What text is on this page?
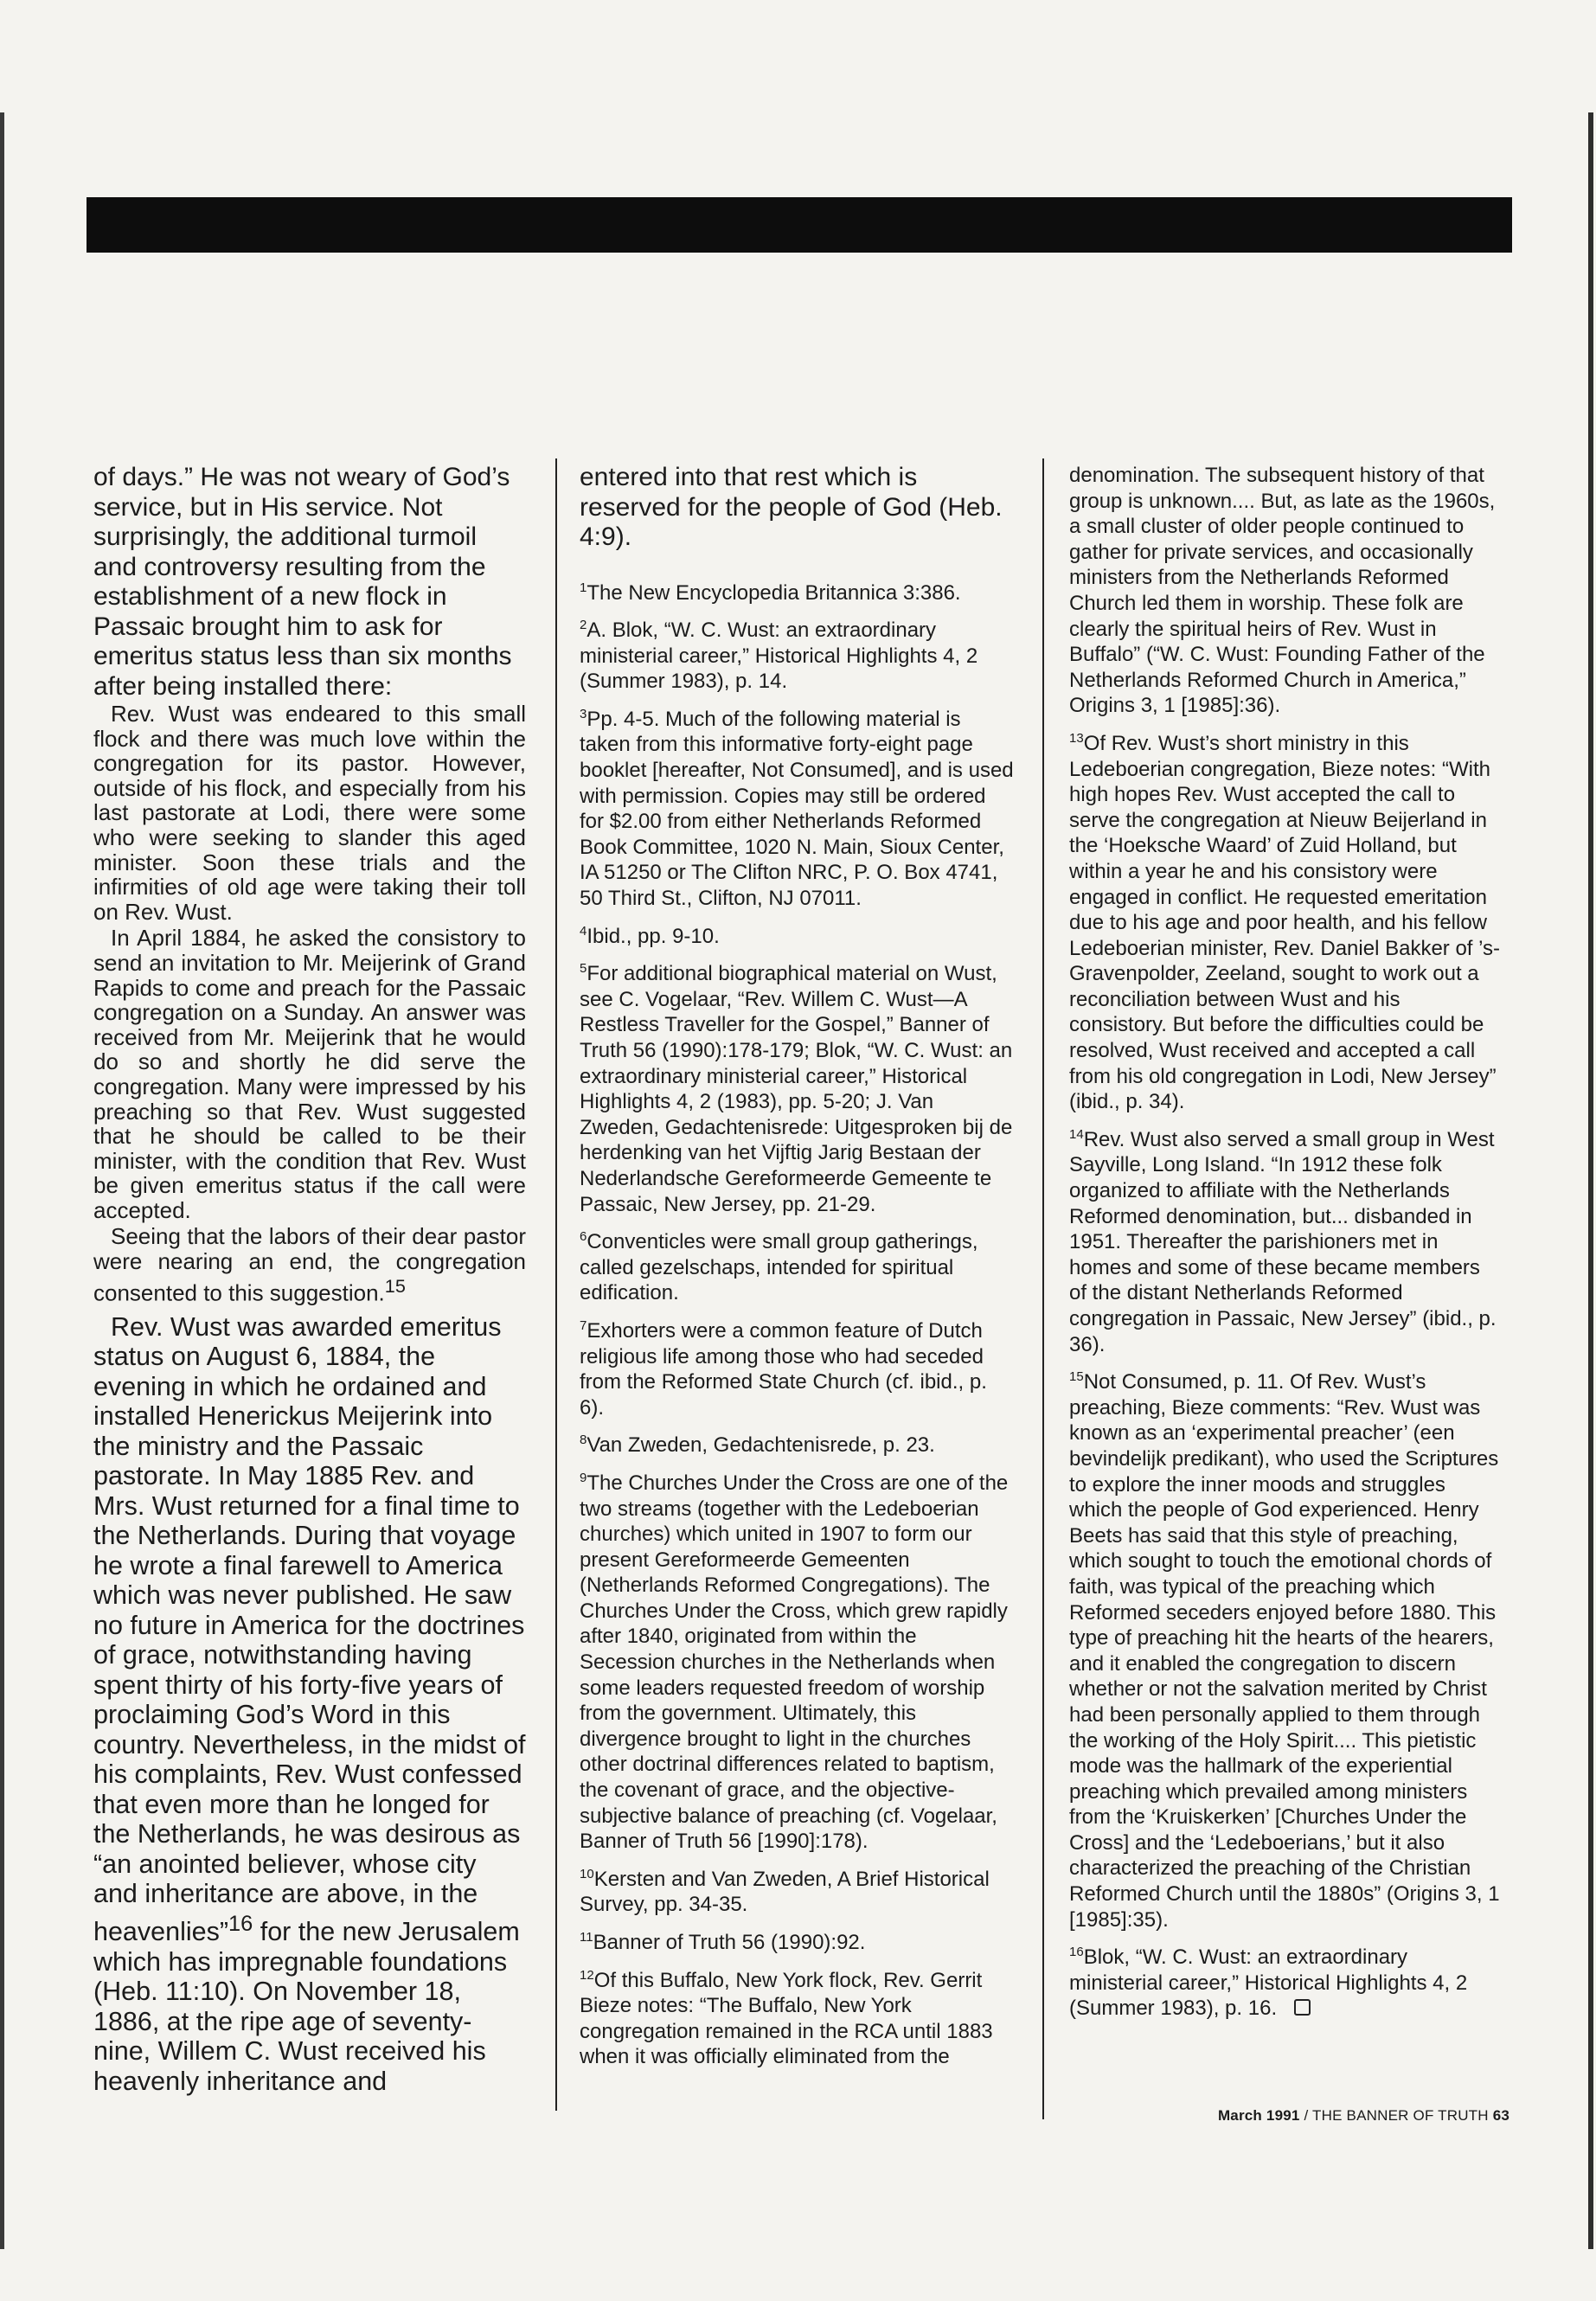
of days.” He was not weary of God’s service, but in His service. Not surprisingly, the additional turmoil and controversy resulting from the establishment of a new flock in Passaic brought him to ask for emeritus status less than six months after being installed there:

Rev. Wust was endeared to this small flock and there was much love within the congregation for its pastor. However, outside of his flock, and especially from his last pastorate at Lodi, there were some who were seeking to slander this aged minister. Soon these trials and the infirmities of old age were taking their toll on Rev. Wust.

In April 1884, he asked the consistory to send an invitation to Mr. Meijerink of Grand Rapids to come and preach for the Passaic congregation on a Sunday. An answer was received from Mr. Meijerink that he would do so and shortly he did serve the congregation. Many were impressed by his preaching so that Rev. Wust suggested that he should be called to be their minister, with the condition that Rev. Wust be given emeritus status if the call were accepted.

Seeing that the labors of their dear pastor were nearing an end, the congregation consented to this suggestion.$^{15}$

Rev. Wust was awarded emeritus status on August 6, 1884, the evening in which he ordained and installed Henerickus Meijerink into the ministry and the Passaic pastorate. In May 1885 Rev. and Mrs. Wust returned for a final time to the Netherlands. During that voyage he wrote a final farewell to America which was never published. He saw no future in America for the doctrines of grace, notwithstanding having spent thirty of his forty-five years of proclaiming God’s Word in this country. Nevertheless, in the midst of his complaints, Rev. Wust confessed that even more than he longed for the Netherlands, he was desirous as “an anointed believer, whose city and inheritance are above, in the heavenlies”$^{16}$ for the new Jerusalem which has impregnable foundations (Heb. 11:10). On November 18, 1886, at the ripe age of seventy-nine, Willem C. Wust received his heavenly inheritance and

entered into that rest which is reserved for the people of God (Heb. 4:9).

$^1$The New Encyclopedia Britannica 3:386.

$^2$A. Blok, “W. C. Wust: an extraordinary ministerial career,” Historical Highlights 4, 2 (Summer 1983), p. 14.

$^3$Pp. 4-5. Much of the following material is taken from this informative forty-eight page booklet [hereafter, Not Consumed], and is used with permission. Copies may still be ordered for $2.00 from either Netherlands Reformed Book Committee, 1020 N. Main, Sioux Center, IA 51250 or The Clifton NRC, P. O. Box 4741, 50 Third St., Clifton, NJ 07011.

$^4$Ibid., pp. 9-10.

$^5$For additional biographical material on Wust, see C. Vogelaar, “Rev. Willem C. Wust—A Restless Traveller for the Gospel,” Banner of Truth 56 (1990):178-179; Blok, “W. C. Wust: an extraordinary ministerial career,” Historical Highlights 4, 2 (1983), pp. 5-20; J. Van Zweden, Gedachtenisrede: Uitgesproken bij de herdenking van het Vijftig Jarig Bestaan der Nederlandsche Gereformeerde Gemeente te Passaic, New Jersey, pp. 21-29.

$^6$Conventicles were small group gatherings, called gezelschaps, intended for spiritual edification.

$^7$Exhorters were a common feature of Dutch religious life among those who had seceded from the Reformed State Church (cf. ibid., p. 6).

$^8$Van Zweden, Gedachtenisrede, p. 23.

$^9$The Churches Under the Cross are one of the two streams (together with the Ledeboerian churches) which united in 1907 to form our present Gereformeerde Gemeenten (Netherlands Reformed Congregations). The Churches Under the Cross, which grew rapidly after 1840, originated from within the Secession churches in the Netherlands when some leaders requested freedom of worship from the government. Ultimately, this divergence brought to light in the churches other doctrinal differences related to baptism, the covenant of grace, and the objective-subjective balance of preaching (cf. Vogelaar, Banner of Truth 56 [1990]:178).

$^{10}$Kersten and Van Zweden, A Brief Historical Survey, pp. 34-35.

$^{11}$Banner of Truth 56 (1990):92.

$^{12}$Of this Buffalo, New York flock, Rev. Gerrit Bieze notes: “The Buffalo, New York congregation remained in the RCA until 1883 when it was officially eliminated from the

denomination. The subsequent history of that group is unknown.... But, as late as the 1960s, a small cluster of older people continued to gather for private services, and occasionally ministers from the Netherlands Reformed Church led them in worship. These folk are clearly the spiritual heirs of Rev. Wust in Buffalo” (“W. C. Wust: Founding Father of the Netherlands Reformed Church in America,” Origins 3, 1 [1985]:36).

$^{13}$Of Rev. Wust’s short ministry in this Ledeboerian congregation, Bieze notes: “With high hopes Rev. Wust accepted the call to serve the congregation at Nieuw Beijerland in the ‘Hoeksche Waard’ of Zuid Holland, but within a year he and his consistory were engaged in conflict. He requested emeritation due to his age and poor health, and his fellow Ledeboerian minister, Rev. Daniel Bakker of ’s-Gravenpolder, Zeeland, sought to work out a reconciliation between Wust and his consistory. But before the difficulties could be resolved, Wust received and accepted a call from his old congregation in Lodi, New Jersey” (ibid., p. 34).

$^{14}$Rev. Wust also served a small group in West Sayville, Long Island. “In 1912 these folk organized to affiliate with the Netherlands Reformed denomination, but... disbanded in 1951. Thereafter the parishioners met in homes and some of these became members of the distant Netherlands Reformed congregation in Passaic, New Jersey” (ibid., p. 36).

$^{15}$Not Consumed, p. 11. Of Rev. Wust’s preaching, Bieze comments: “Rev. Wust was known as an ‘experimental preacher’ (een bevindelijk predikant), who used the Scriptures to explore the inner moods and struggles which the people of God experienced. Henry Beets has said that this style of preaching, which sought to touch the emotional chords of faith, was typical of the preaching which Reformed seceders enjoyed before 1880. This type of preaching hit the hearts of the hearers, and it enabled the congregation to discern whether or not the salvation merited by Christ had been personally applied to them through the working of the Holy Spirit.... This pietistic mode was the hallmark of the experiential preaching which prevailed among ministers from the ‘Kruiskerken’ [Churches Under the Cross] and the ‘Ledeboerians,’ but it also characterized the preaching of the Christian Reformed Church until the 1880s” (Origins 3, 1 [1985]:35).

$^{16}$Blok, “W. C. Wust: an extraordinary ministerial career,” Historical Highlights 4, 2 (Summer 1983), p. 16.

March 1991 / THE BANNER OF TRUTH 63
